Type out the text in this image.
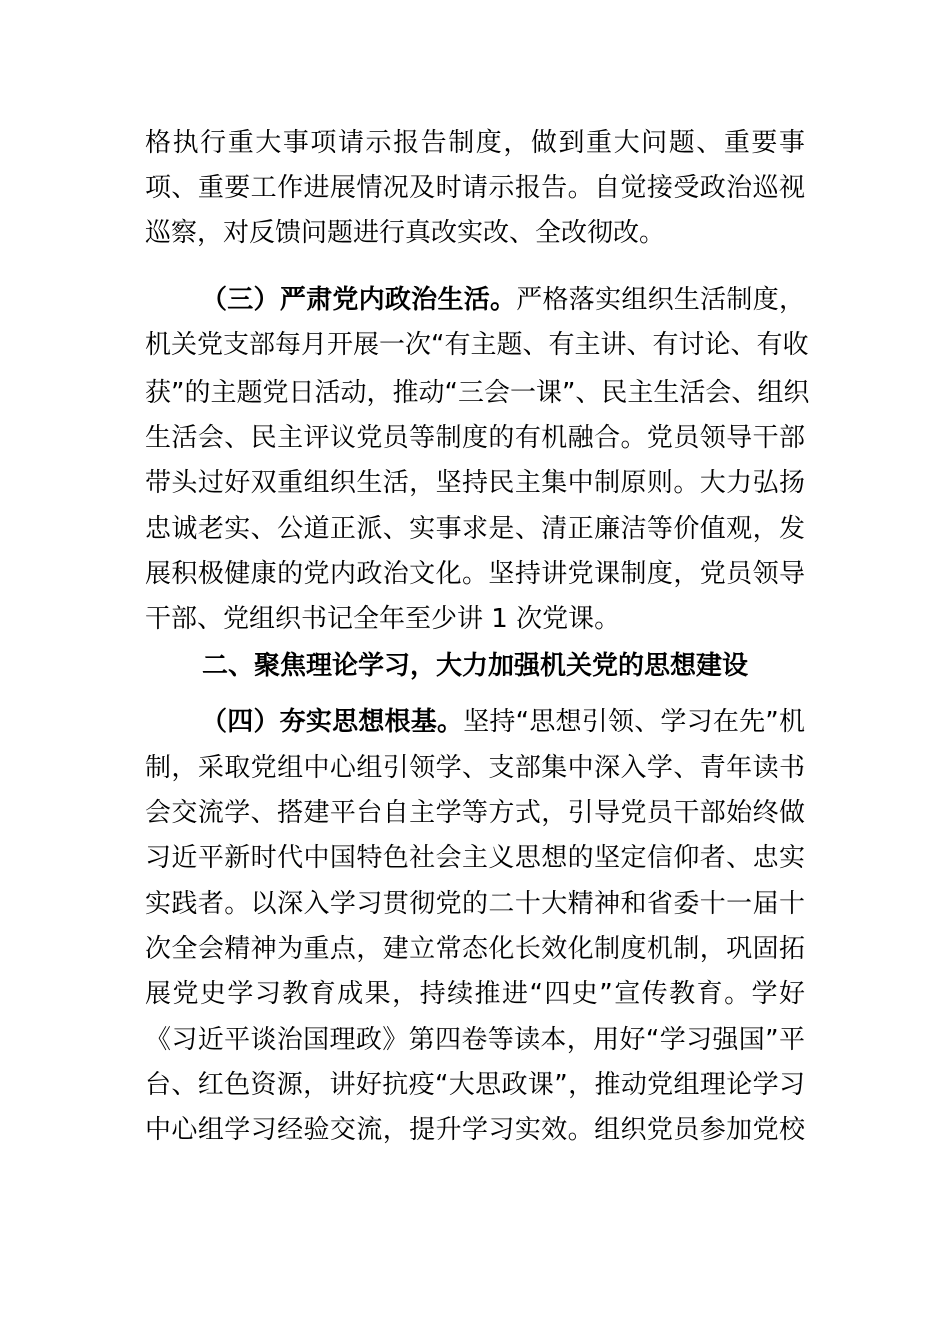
格执行重大事项请示报告制度，做到重大问题、重要事
项、重要工作进展情况及时请示报告。自觉接受政治巡视
巡察，对反馈问题进行真改实改、全改彻改。
（三）严肃党内政治生活。严格落实组织生活制度，
机关党支部每月开展一次“有主题、有主讲、有讨论、有收
获”的主题党日活动，推动“三会一课”、民主生活会、组织
生活会、民主评议党员等制度的有机融合。党员领导干部
带头过好双重组织生活，坚持民主集中制原则。大力弘扬
忠诚老实、公道正派、实事求是、清正廉洁等价值观，发
展积极健康的党内政治文化。坚持讲党课制度，党员领导
干部、党组织书记全年至少讲 1 次党课。
二、聚焦理论学习，大力加强机关党的思想建设
（四）夯实思想根基。坚持“思想引领、学习在先”机
制，采取党组中心组引领学、支部集中深入学、青年读书
会交流学、搭建平台自主学等方式，引导党员干部始终做
习近平新时代中国特色社会主义思想的坚定信仰者、忠实
实践者。以深入学习贯彻党的二十大精神和省委十一届十
次全会精神为重点，建立常态化长效化制度机制，巩固拓
展党史学习教育成果，持续推进“四史”宣传教育。学好
《习近平谈治国理政》第四卷等读本，用好“学习强国”平
台、红色资源，讲好抗疫“大思政课”，推动党组理论学习
中心组学习经验交流，提升学习实效。组织党员参加党校
